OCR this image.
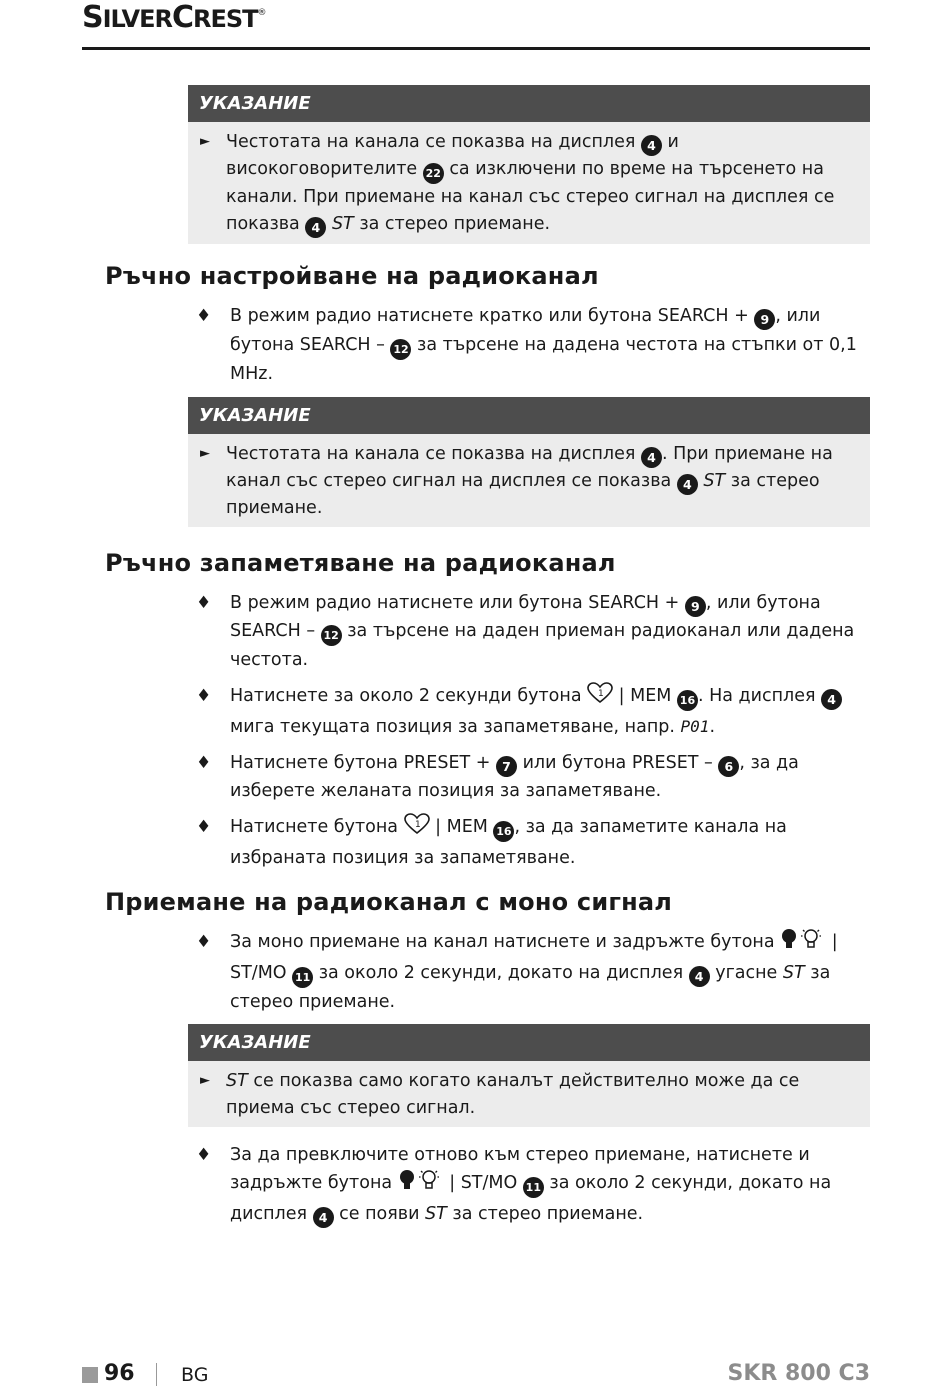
SILVERCREST®
УКАЗАНИЕ
► Честотата на канала се показва на дисплея 4 и високоговорителите 22 са изключени по време на търсенето на канали. При приемане на канал със стерео сигнал на дисплея се показва 4 ST за стерео приемане.
Ръчно настройване на радиоканал
♦ В режим радио натиснете кратко или бутона SEARCH + 9 , или бутона SEARCH – 12 за търсене на дадена честота на стъпки от 0,1 MHz.
УКАЗАНИЕ
► Честотата на канала се показва на дисплея 4 . При приемане на канал със стерео сигнал на дисплея се показва 4 ST за стерео приемане.
Ръчно запаметяване на радиоканал
♦ В режим радио натиснете или бутона SEARCH + 9 , или бутона SEARCH – 12 за търсене на даден приеман радиоканал или дадена честота.
♦ Натиснете за около 2 секунди бутона 1 | MEM 16 . На дисплея 4 мига текущата позиция за запаметяване, напр. P01.
♦ Натиснете бутона PRESET + 7 или бутона PRESET – 6 , за да изберете желаната позиция за запаметяване.
♦ Натиснете бутона 1 | MEM 16 , за да запаметите канала на избраната позиция за запаметяване.
Приемане на радиоканал с моно сигнал
♦ За моно приемане на канал натиснете и задръжте бутона	| ST/MO 11 за около 2 секунди, докато на дисплея 4 угасне ST за стерео приемане.
УКАЗАНИЕ
► ST се показва само когато каналът действително може да се приема със стерео сигнал.
♦ За да превключите отново към стерео приемане, натиснете и задръжте бутона	| ST/MO 11 за около 2 секунди, докато на дисплея 4 се появи ST за стерео приемане.
96 BG	SKR 800 C3
